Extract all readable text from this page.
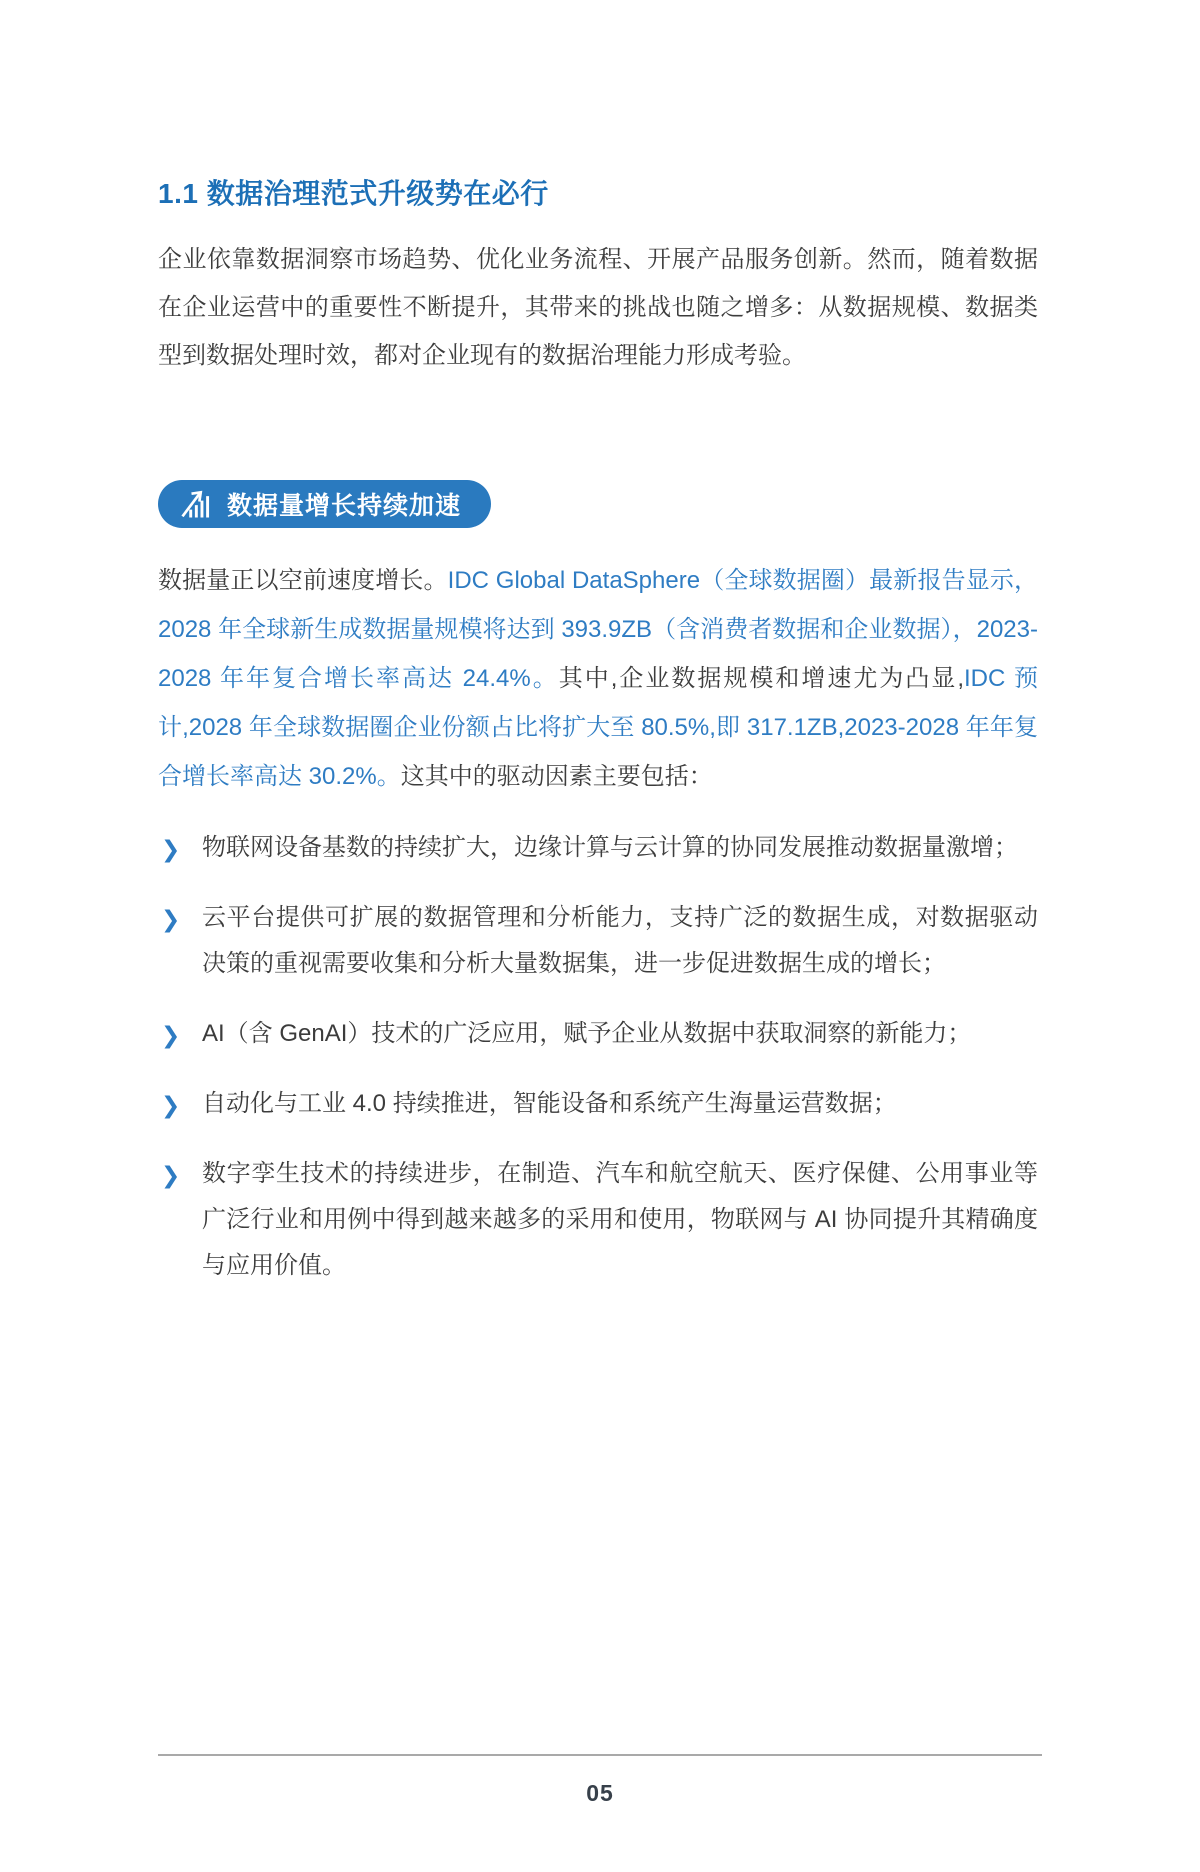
1.1 数据治理范式升级势在必行

企业依靠数据洞察市场趋势、优化业务流程、开展产品服务创新。然而，随着数据在企业运营中的重要性不断提升，其带来的挑战也随之增多：从数据规模、数据类型到数据处理时效，都对企业现有的数据治理能力形成考验。

数据量增长持续加速

数据量正以空前速度增长。IDC Global DataSphere（全球数据圈）最新报告显示，2028 年全球新生成数据量规模将达到 393.9ZB（含消费者数据和企业数据），2023-2028 年年复合增长率高达 24.4%。其中,企业数据规模和增速尤为凸显,IDC 预计,2028 年全球数据圈企业份额占比将扩大至 80.5%,即 317.1ZB,2023-2028 年年复合增长率高达 30.2%。这其中的驱动因素主要包括：

❯ 物联网设备基数的持续扩大，边缘计算与云计算的协同发展推动数据量激增；
❯ 云平台提供可扩展的数据管理和分析能力，支持广泛的数据生成，对数据驱动决策的重视需要收集和分析大量数据集，进一步促进数据生成的增长；
❯ AI（含 GenAI）技术的广泛应用，赋予企业从数据中获取洞察的新能力；
❯ 自动化与工业 4.0 持续推进，智能设备和系统产生海量运营数据；
❯ 数字孪生技术的持续进步，在制造、汽车和航空航天、医疗保健、公用事业等广泛行业和用例中得到越来越多的采用和使用，物联网与 AI 协同提升其精确度与应用价值。
05
